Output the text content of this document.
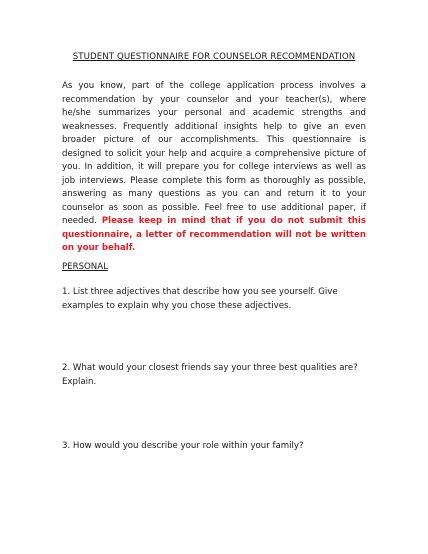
STUDENT QUESTIONNAIRE FOR COUNSELOR RECOMMENDATION
As you know, part of the college application process involves a recommendation by your counselor and your teacher(s), where he/she summarizes your personal and academic strengths and weaknesses. Frequently additional insights help to give an even broader picture of our accomplishments. This questionnaire is designed to solicit your help and acquire a comprehensive picture of you. In addition, it will prepare you for college interviews as well as job interviews. Please complete this form as thoroughly as possible, answering as many questions as you can and return it to your counselor as soon as possible. Feel free to use additional paper, if needed. Please keep in mind that if you do not submit this questionnaire, a letter of recommendation will not be written on your behalf.
PERSONAL
1. List three adjectives that describe how you see yourself. Give examples to explain why you chose these adjectives.
2. What would your closest friends say your three best qualities are? Explain.
3. How would you describe your role within your family?
